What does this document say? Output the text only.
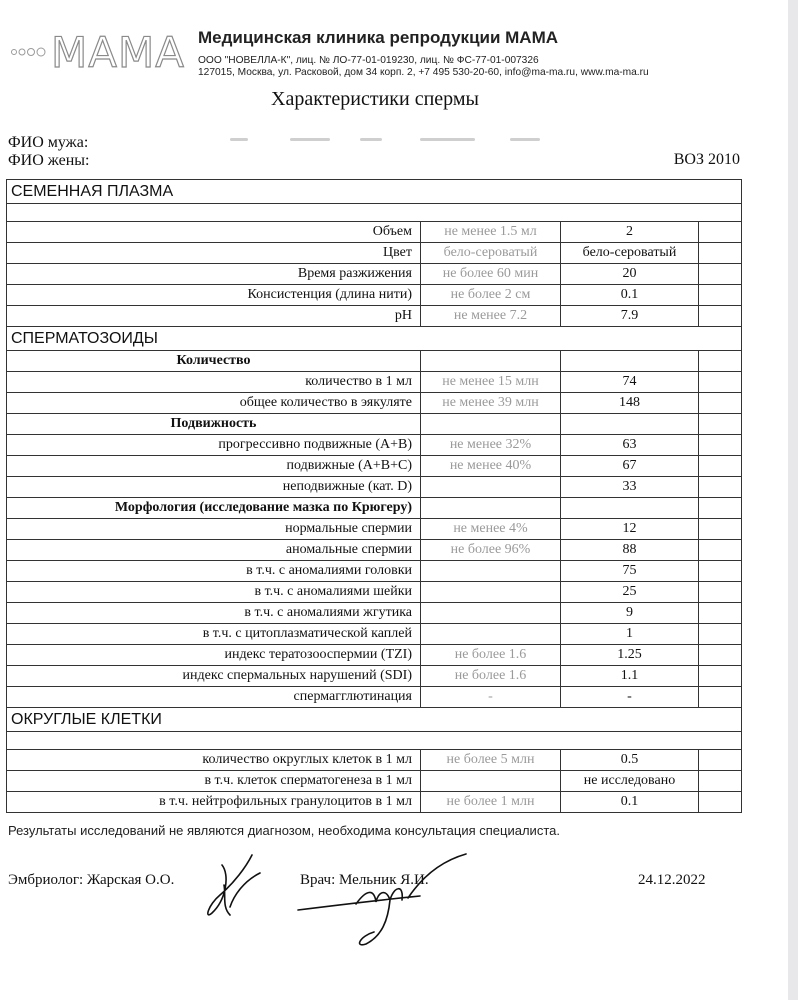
MAMA Медицинская клиника репродукции МАМА
ООО "НОВЕЛЛА-К", лиц. № ЛО-77-01-019230, лиц. № ФС-77-01-007326
127015, Москва, ул. Расковой, дом 34 корп. 2, +7 495 530-20-60, info@ma-ma.ru, www.ma-ma.ru
Характеристики спермы
ФИО мужа:
ФИО жены:	ВОЗ 2010
СЕМЕННАЯ ПЛАЗМА			

Объем	не менее 1.5 мл	2	
Цвет	бело-сероватый	бело-сероватый	
Время разжижения	не более 60 мин	20	
Консистенция (длина нити)	не более 2 см	0.1	
pH	не менее 7.2	7.9	
СПЕРМАТОЗОИДЫ			
Количество			
количество в 1 мл	не менее 15 млн	74	
общее количество в эякуляте	не менее 39 млн	148	
Подвижность			
прогрессивно подвижные (A+B)	не менее 32%	63	
подвижные (A+B+C)	не менее 40%	67	
неподвижные (кат. D)		33	
Морфология (исследование мазка по Крюгеру)			
нормальные спермии	не менее 4%	12	
аномальные спермии	не более 96%	88	
в т.ч. с аномалиями головки		75	
в т.ч. с аномалиями шейки		25	
в т.ч. с аномалиями жгутика		9	
в т.ч. с цитоплазматической каплей		1	
индекс тератозооспермии (TZI)	не более 1.6	1.25	
индекс спермальных нарушений (SDI)	не более 1.6	1.1	
спермагглютинация	-	-	
ОКРУГЛЫЕ КЛЕТКИ			

количество округлых клеток в 1 мл	не более 5 млн	0.5	
в т.ч. клеток сперматогенеза в 1 мл		не исследовано	
в т.ч. нейтрофильных гранулоцитов в 1 мл	не более 1 млн	0.1	
Результаты исследований не являются диагнозом, необходима консультация специалиста.
Эмбриолог: Жарская О.О.	Врач: Мельник Я.И.	24.12.2022
